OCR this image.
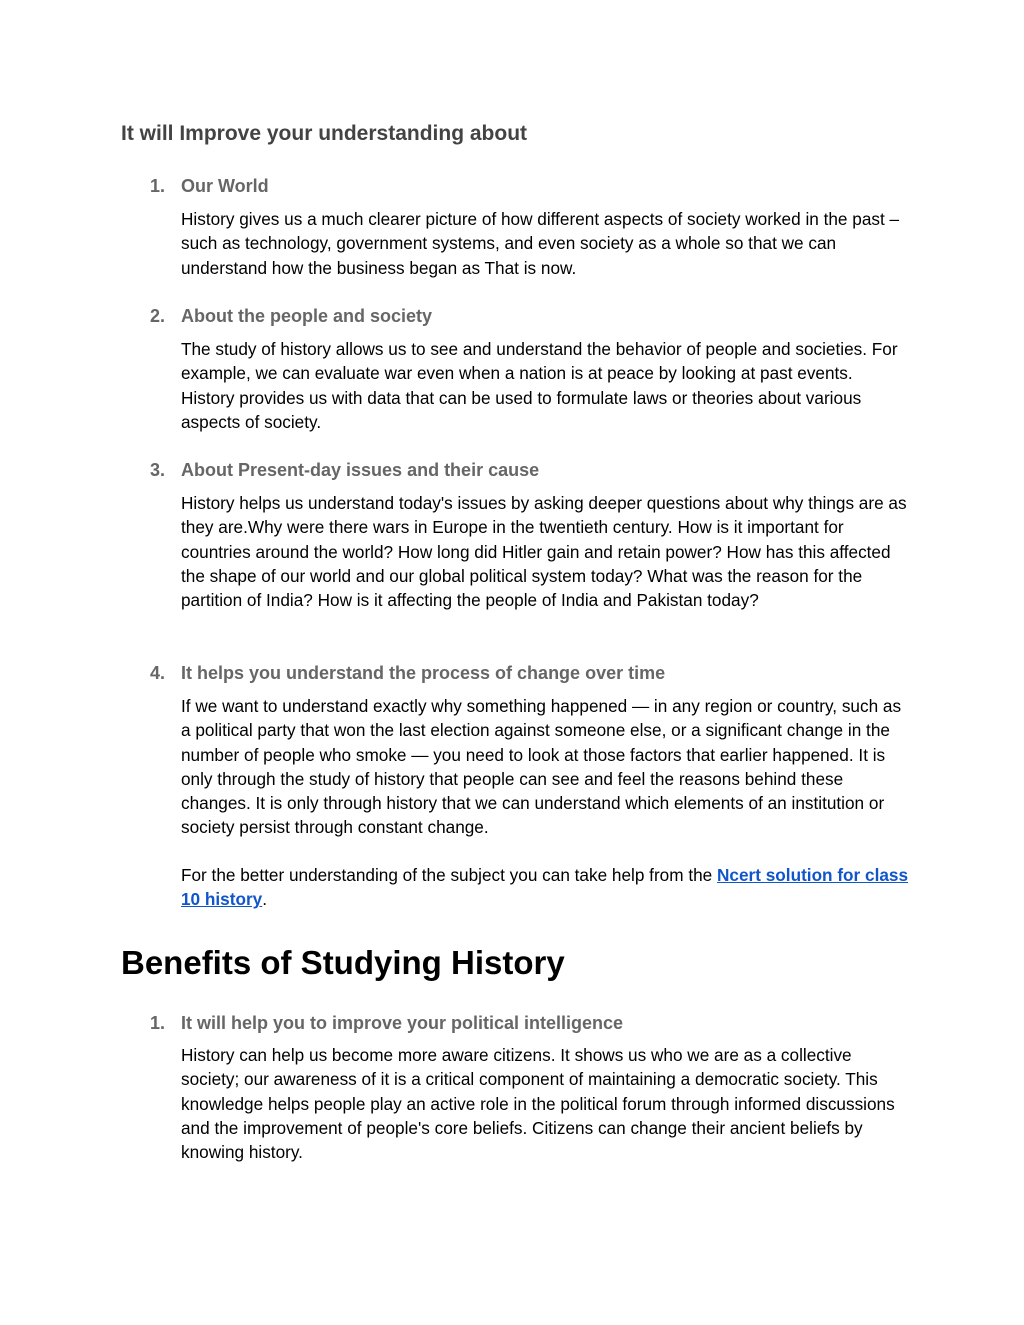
It will Improve your understanding about
1. Our World

History gives us a much clearer picture of how different aspects of society worked in the past – such as technology, government systems, and even society as a whole so that we can understand how the business began as That is now.

2. About the people and society

The study of history allows us to see and understand the behavior of people and societies. For example, we can evaluate war even when a nation is at peace by looking at past events. History provides us with data that can be used to formulate laws or theories about various aspects of society.

3. About Present-day issues and their cause

History helps us understand today's issues by asking deeper questions about why things are as they are.Why were there wars in Europe in the twentieth century. How is it important for countries around the world? How long did Hitler gain and retain power? How has this affected the shape of our world and our global political system today? What was the reason for the partition of India? How is it affecting the people of India and Pakistan today?

4. It helps you understand the process of change over time

If we want to understand exactly why something happened — in any region or country, such as a political party that won the last election against someone else, or a significant change in the number of people who smoke — you need to look at those factors that earlier happened. It is only through the study of history that people can see and feel the reasons behind these changes. It is only through history that we can understand which elements of an institution or society persist through constant change.

For the better understanding of the subject you can take help from the Ncert solution for class 10 history.

Benefits of Studying History
1. It will help you to improve your political intelligence

History can help us become more aware citizens. It shows us who we are as a collective society; our awareness of it is a critical component of maintaining a democratic society. This knowledge helps people play an active role in the political forum through informed discussions and the improvement of people's core beliefs. Citizens can change their ancient beliefs by knowing history.
